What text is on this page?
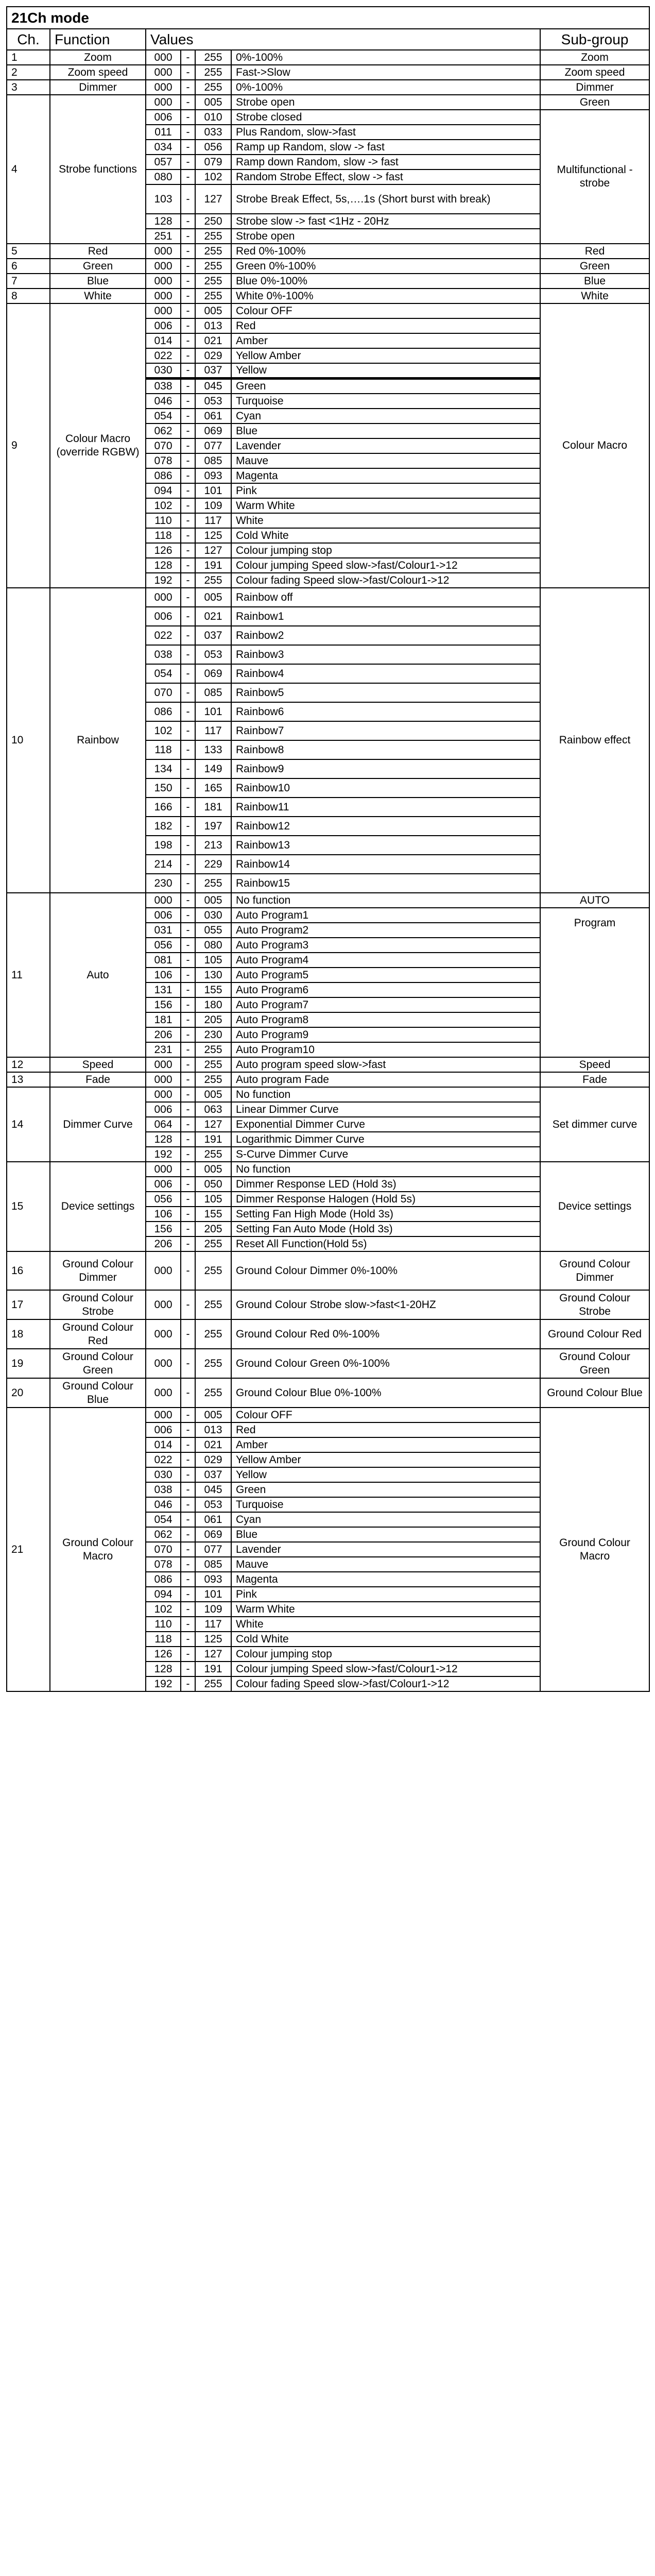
21Ch mode						
Ch.	Function	Values				Sub-group
1	Zoom	000	-	255	0%-100%	Zoom
2	Zoom speed	000	-	255	Fast->Slow	Zoom speed
3	Dimmer	000	-	255	0%-100%	Dimmer
4	Strobe functions	000	-	005	Strobe open	Green
		006	-	010	Strobe closed	Multifunctional -strobe
		011	-	033	Plus Random, slow->fast	
		034	-	056	Ramp up Random, slow -> fast	
		057	-	079	Ramp down Random, slow -> fast	
		080	-	102	Random Strobe Effect, slow -> fast	
		103	-	127	Strobe Break Effect, 5s,….1s (Short burst with break)	
		128	-	250	Strobe slow -> fast <1Hz - 20Hz	
		251	-	255	Strobe open	
5	Red	000	-	255	Red 0%-100%	Red
6	Green	000	-	255	Green 0%-100%	Green
7	Blue	000	-	255	Blue 0%-100%	Blue
8	White	000	-	255	White 0%-100%	White
9	Colour Macro (override RGBW)	000	-	005	Colour OFF	Colour Macro
		006	-	013	Red	
		014	-	021	Amber	
		022	-	029	Yellow Amber	
		030	-	037	Yellow	
		038	-	045	Green	
		046	-	053	Turquoise	
		054	-	061	Cyan	
		062	-	069	Blue	
		070	-	077	Lavender	
		078	-	085	Mauve	
		086	-	093	Magenta	
		094	-	101	Pink	
		102	-	109	Warm White	
		110	-	117	White	
		118	-	125	Cold White	
		126	-	127	Colour jumping stop	
		128	-	191	Colour jumping Speed slow->fast/Colour1->12	
		192	-	255	Colour fading Speed slow->fast/Colour1->12	
10	Rainbow	000	-	005	Rainbow off	Rainbow effect
		006	-	021	Rainbow1	
		022	-	037	Rainbow2	
		038	-	053	Rainbow3	
		054	-	069	Rainbow4	
		070	-	085	Rainbow5	
		086	-	101	Rainbow6	
		102	-	117	Rainbow7	
		118	-	133	Rainbow8	
		134	-	149	Rainbow9	
		150	-	165	Rainbow10	
		166	-	181	Rainbow11	
		182	-	197	Rainbow12	
		198	-	213	Rainbow13	
		214	-	229	Rainbow14	
		230	-	255	Rainbow15	
11	Auto	000	-	005	No function	AUTO
		006	-	030	Auto Program1	Program
		031	-	055	Auto Program2	
		056	-	080	Auto Program3	
		081	-	105	Auto Program4	
		106	-	130	Auto Program5	
		131	-	155	Auto Program6	
		156	-	180	Auto Program7	
		181	-	205	Auto Program8	
		206	-	230	Auto Program9	
		231	-	255	Auto Program10	
12	Speed	000	-	255	Auto program speed slow->fast	Speed
13	Fade	000	-	255	Auto program Fade	Fade
14	Dimmer Curve	000	-	005	No function	Set dimmer curve
		006	-	063	Linear Dimmer Curve	
		064	-	127	Exponential Dimmer Curve	
		128	-	191	Logarithmic Dimmer Curve	
		192	-	255	S-Curve Dimmer Curve	
15	Device settings	000	-	005	No function	Device settings
		006	-	050	Dimmer Response LED (Hold 3s)	
		056	-	105	Dimmer Response Halogen (Hold 5s)	
		106	-	155	Setting Fan High Mode (Hold 3s)	
		156	-	205	Setting Fan Auto Mode (Hold 3s)	
		206	-	255	Reset All Function(Hold 5s)	
16	Ground Colour Dimmer	000	-	255	Ground Colour Dimmer 0%-100%	Ground Colour Dimmer
17	Ground Colour Strobe	000	-	255	Ground Colour Strobe slow->fast<1-20HZ	Ground Colour Strobe
18	Ground Colour Red	000	-	255	Ground Colour Red 0%-100%	Ground Colour Red
19	Ground Colour Green	000	-	255	Ground Colour Green 0%-100%	Ground Colour Green
20	Ground Colour Blue	000	-	255	Ground Colour Blue 0%-100%	Ground Colour Blue
21	Ground Colour Macro	000	-	005	Colour OFF	Ground Colour Macro
		006	-	013	Red	
		014	-	021	Amber	
		022	-	029	Yellow Amber	
		030	-	037	Yellow	
		038	-	045	Green	
		046	-	053	Turquoise	
		054	-	061	Cyan	
		062	-	069	Blue	
		070	-	077	Lavender	
		078	-	085	Mauve	
		086	-	093	Magenta	
		094	-	101	Pink	
		102	-	109	Warm White	
		110	-	117	White	
		118	-	125	Cold White	
		126	-	127	Colour jumping stop	
		128	-	191	Colour jumping Speed slow->fast/Colour1->12	
		192	-	255	Colour fading Speed slow->fast/Colour1->12	
